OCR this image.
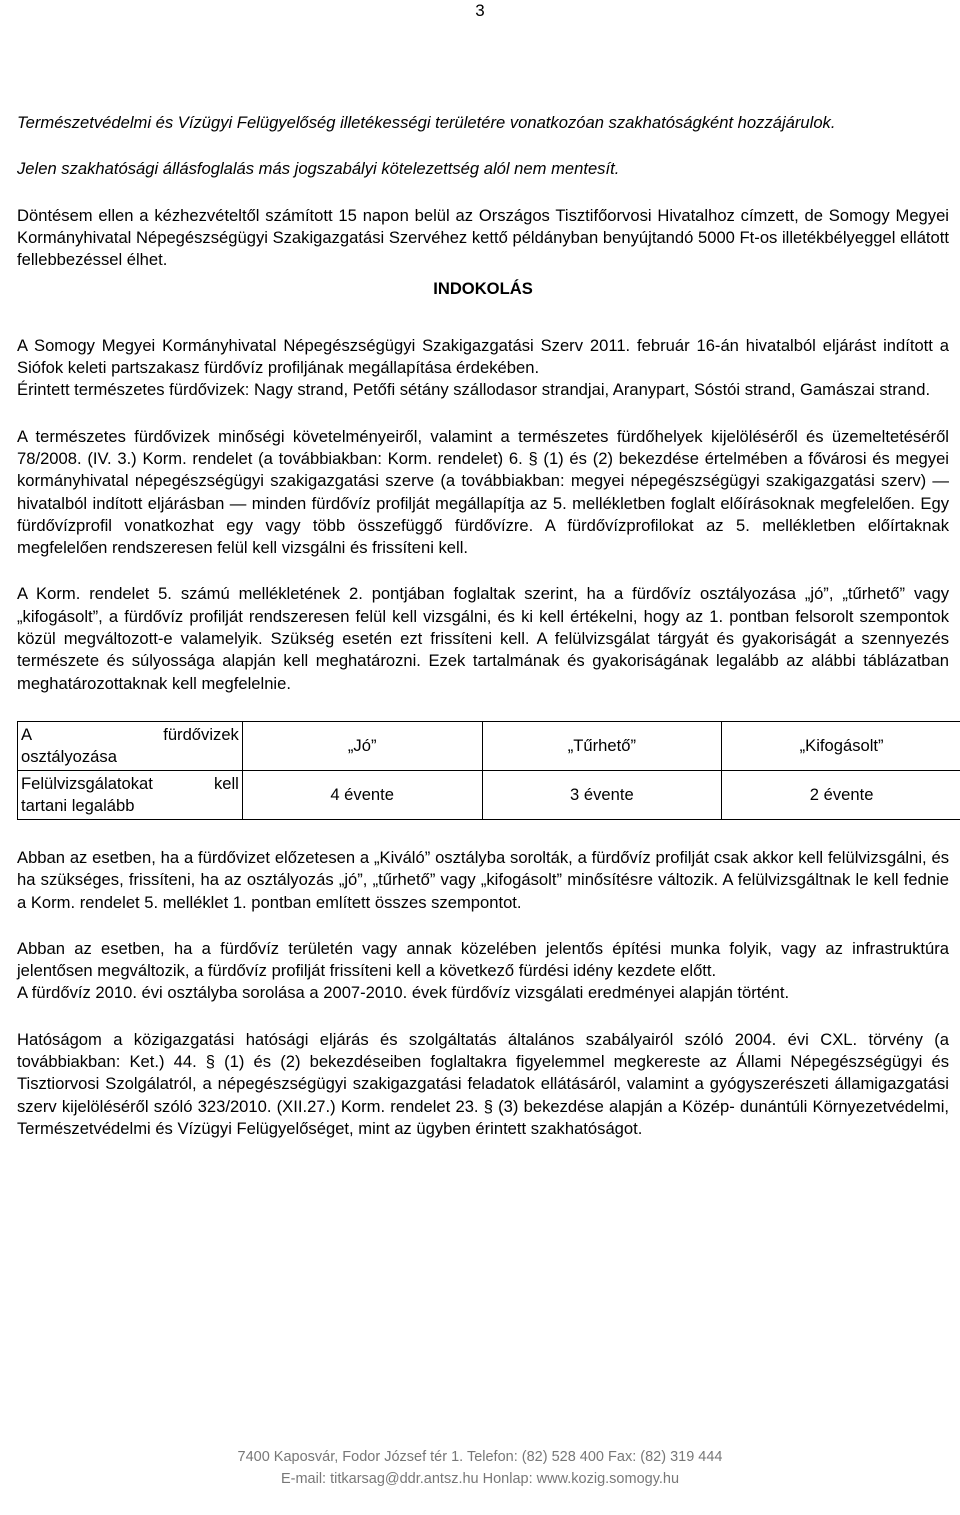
3

Természetvédelmi és Vízügyi Felügyelőség illetékességi területére vonatkozóan szakhatóságként hozzájárulok.

Jelen szakhatósági állásfoglalás más jogszabályi kötelezettség alól nem mentesít.

Döntésem ellen a kézhezvételtől számított 15 napon belül az Országos Tisztifőorvosi Hivatalhoz címzett, de Somogy Megyei Kormányhivatal Népegészségügyi Szakigazgatási Szervéhez kettő példányban benyújtandó 5000 Ft-os illetékbélyeggel ellátott fellebbezéssel élhet.

INDOKOLÁS

A Somogy Megyei Kormányhivatal Népegészségügyi Szakigazgatási Szerv 2011. február 16-án hivatalból eljárást indított a Siófok keleti partszakasz fürdővíz profiljának megállapítása érdekében.

Érintett természetes fürdővizek: Nagy strand, Petőfi sétány szállodasor strandjai, Aranypart, Sóstói strand, Gamászai strand.

A természetes fürdővizek minőségi követelményeiről, valamint a természetes fürdőhelyek kijelöléséről és üzemeltetéséről 78/2008. (IV. 3.) Korm. rendelet (a továbbiakban: Korm. rendelet) 6. § (1) és (2) bekezdése értelmében a fővárosi és megyei kormányhivatal népegészségügyi szakigazgatási szerve (a továbbiakban: megyei népegészségügyi szakigazgatási szerv) — hivatalból indított eljárásban — minden fürdővíz profilját megállapítja az 5. mellékletben foglalt előírásoknak megfelelően. Egy fürdővízprofil vonatkozhat egy vagy több összefüggő fürdővízre. A fürdővízprofilokat az 5. mellékletben előírtaknak megfelelően rendszeresen felül kell vizsgálni és frissíteni kell.

A Korm. rendelet 5. számú mellékletének 2. pontjában foglaltak szerint, ha a fürdővíz osztályozása „jó”, „tűrhető” vagy „kifogásolt”, a fürdővíz profilját rendszeresen felül kell vizsgálni, és ki kell értékelni, hogy az 1. pontban felsorolt szempontok közül megváltozott-e valamelyik. Szükség esetén ezt frissíteni kell. A felülvizsgálat tárgyát és gyakoriságát a szennyezés természete és súlyossága alapján kell meghatározni. Ezek tartalmának és gyakoriságának legalább az alábbi táblázatban meghatározottaknak kell megfelelnie.

A fürdővizek
osztályozása	„Jó”	„Tűrhető”	„Kifogásolt”

Felülvizsgálatokat kell
tartani legalább	4 évente	3 évente	2 évente

Abban az esetben, ha a fürdővizet előzetesen a „Kiváló” osztályba sorolták, a fürdővíz profilját csak akkor kell felülvizsgálni, és ha szükséges, frissíteni, ha az osztályozás „jó”, „tűrhető” vagy „kifogásolt” minősítésre változik. A felülvizsgáltnak le kell fednie a Korm. rendelet 5. melléklet 1. pontban említett összes szempontot.

Abban az esetben, ha a fürdővíz területén vagy annak közelében jelentős építési munka folyik, vagy az infrastruktúra jelentősen megváltozik, a fürdővíz profilját frissíteni kell a következő fürdési idény kezdete előtt.

A fürdővíz 2010. évi osztályba sorolása a 2007-2010. évek fürdővíz vizsgálati eredményei alapján történt.

Hatóságom a közigazgatási hatósági eljárás és szolgáltatás általános szabályairól szóló 2004. évi CXL. törvény (a továbbiakban: Ket.) 44. § (1) és (2) bekezdéseiben foglaltakra figyelemmel megkereste az Állami Népegészségügyi és Tisztiorvosi Szolgálatról, a népegészségügyi szakigazgatási feladatok ellátásáról, valamint a gyógyszerészeti államigazgatási szerv kijelöléséről szóló 323/2010. (XII.27.) Korm. rendelet 23. § (3) bekezdése alapján a Közép- dunántúli Környezetvédelmi, Természetvédelmi és Vízügyi Felügyelőséget, mint az ügyben érintett szakhatóságot.

7400 Kaposvár, Fodor József tér 1. Telefon: (82) 528 400 Fax: (82) 319 444
E-mail: titkarsag@ddr.antsz.hu Honlap: www.kozig.somogy.hu
